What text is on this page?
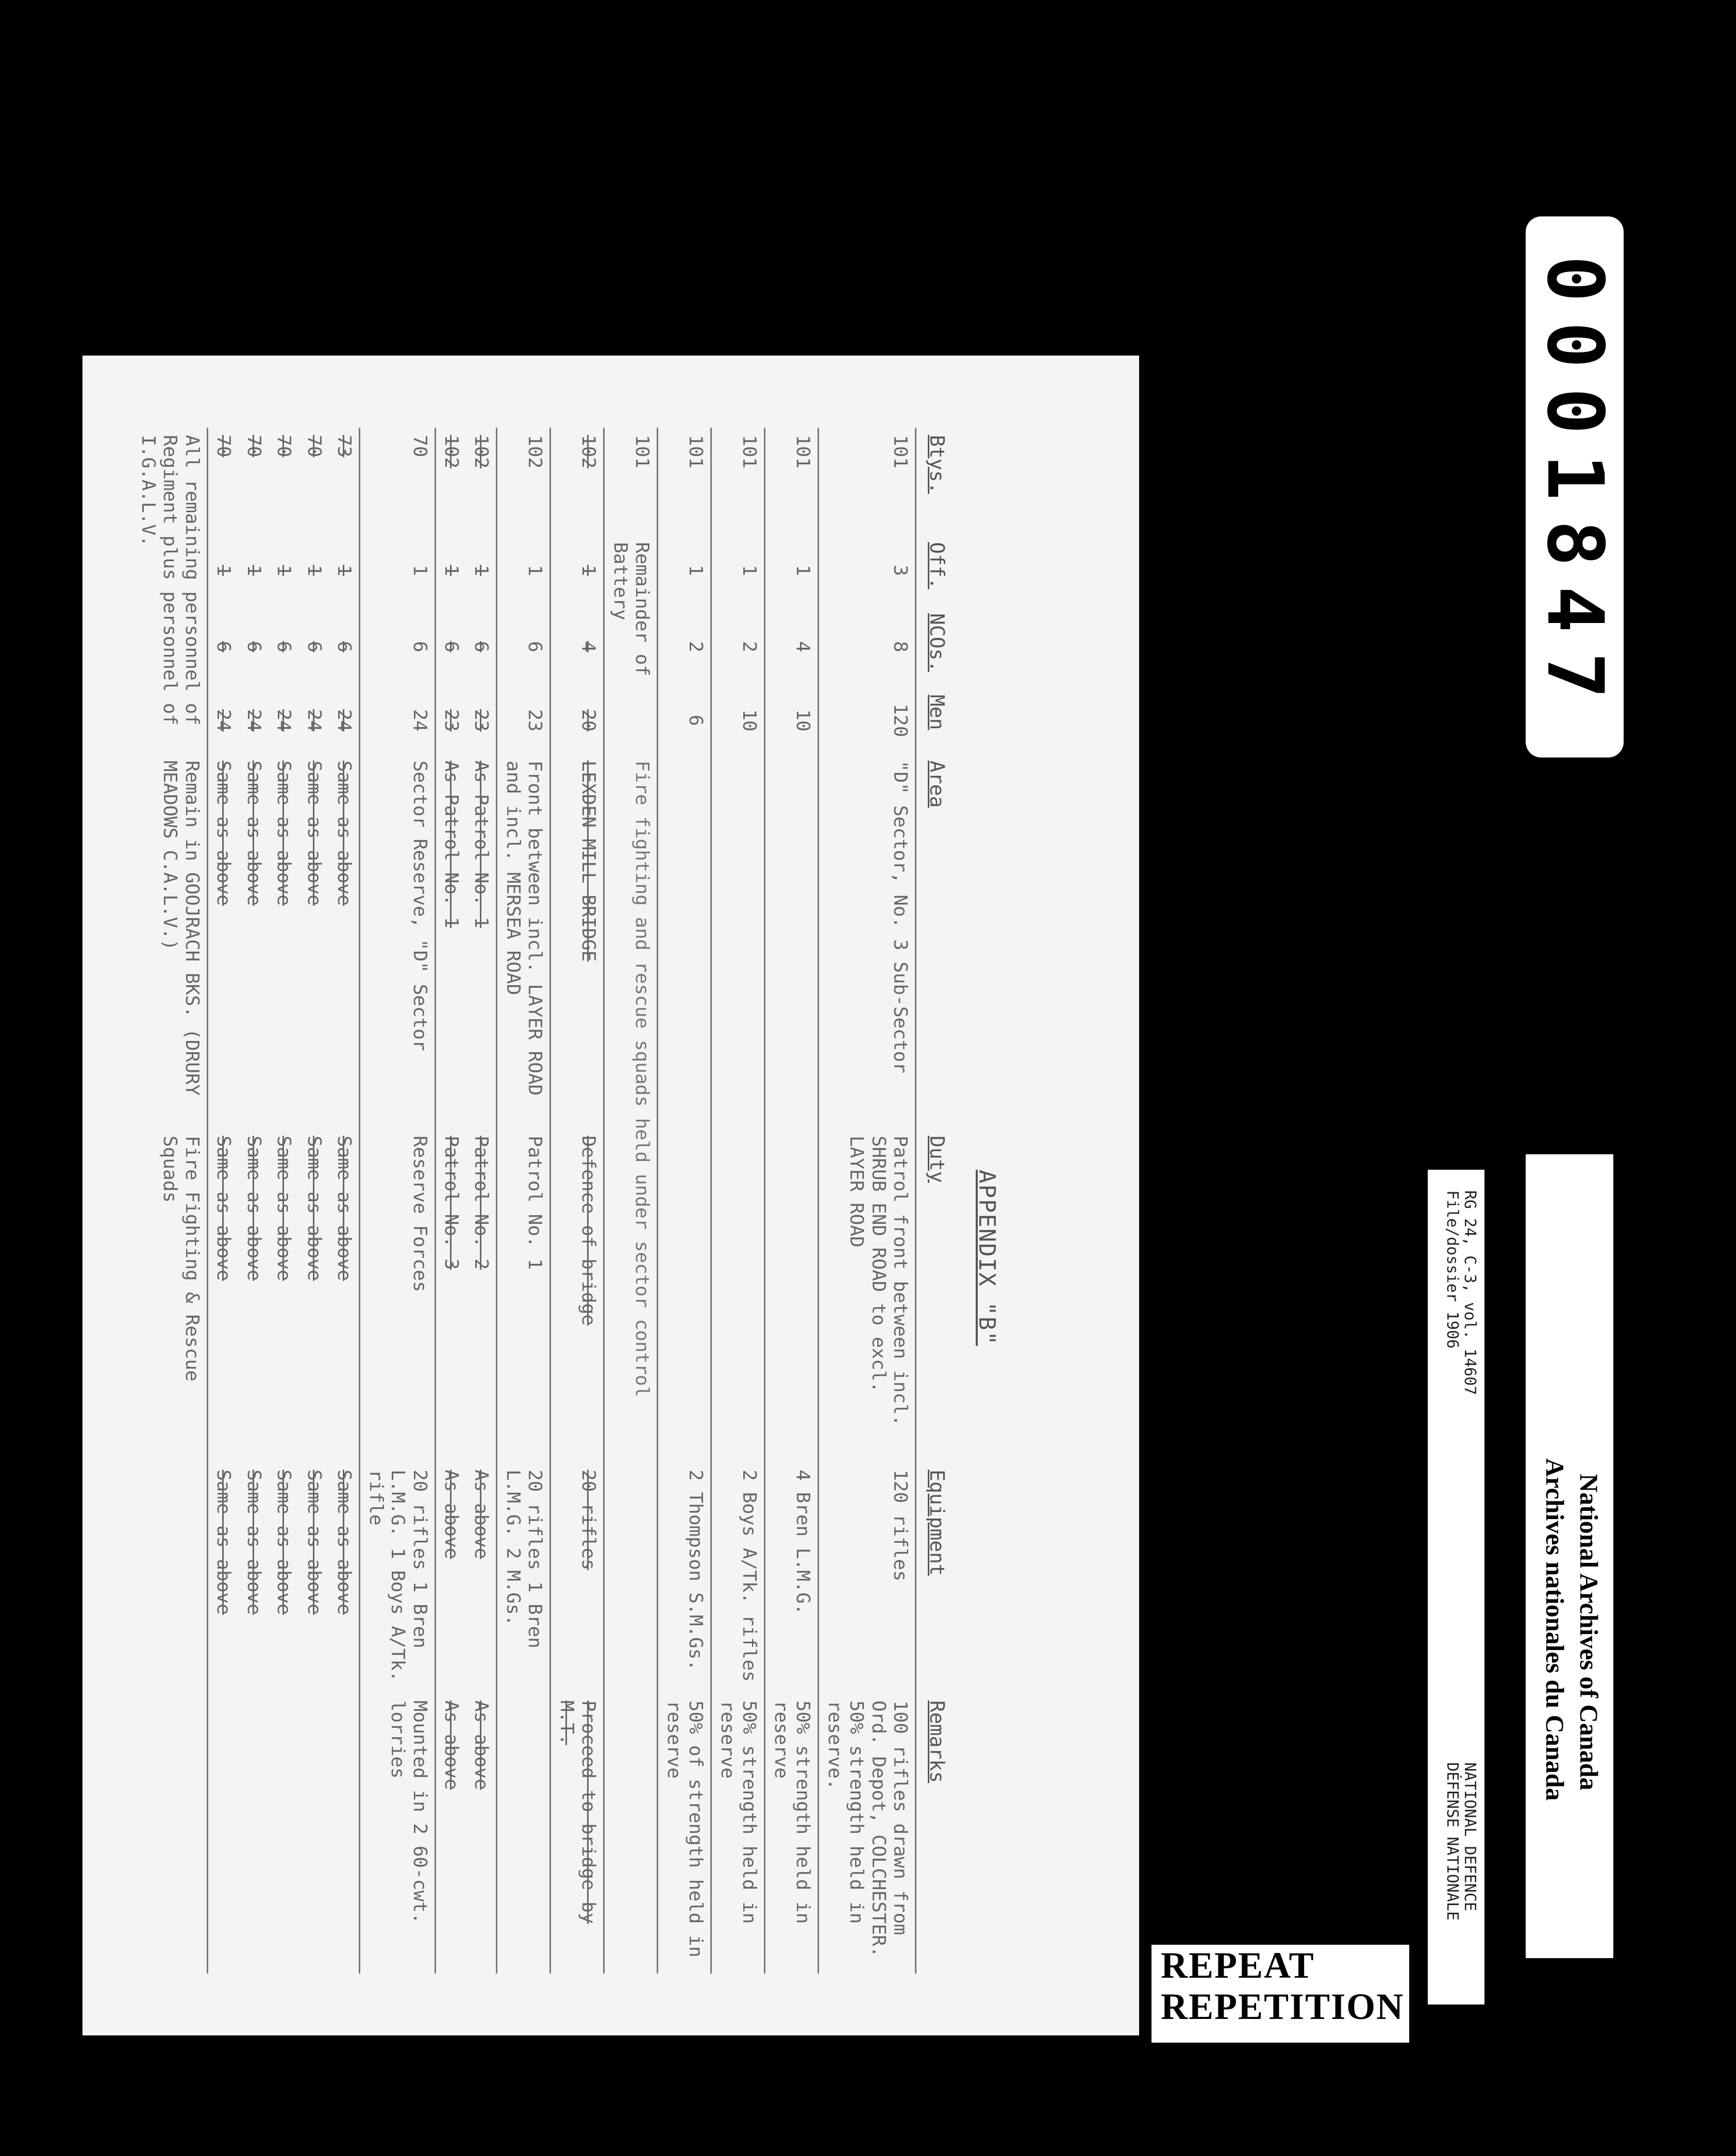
APPENDIX "B"
Btys.	Off.	NCOs.	Men	Area	Duty	Equipment	Remarks
101	3	8	120	"D" Sector, No. 3 Sub-Sector	Patrol front between incl. SHRUB END ROAD to excl. LAYER ROAD	120 rifles	100 rifles drawn from Ord. Depot, COLCHESTER. 50% strength held in reserve.
101	1	4	10			4 Bren L.M.G.	50% strength held in reserve
101	1	2	10			2 Boys A/Tk. rifles	50% strength held in reserve
101	1	2	6			2 Thompson S.M.Gs.	50% of strength held in reserve
101	Remainder of Battery			Fire fighting and rescue squads held under sector control			
102	1	4	20	LEXDEN MILL BRIDGE	Defence of bridge	20 rifles	Proceed to bridge by M.T.
102	1	6	23	Front between incl. LAYER ROAD and incl. MERSEA ROAD	Patrol No. 1	20 rifles 1 Bren L.M.G. 2 M.Gs.	
102	1	6	23	As Patrol No. 1	Patrol No. 2	As above	As above
102	1	6	23	As Patrol No. 1	Patrol No. 3	As above	As above
70	1	6	24	Sector Reserve, "D" Sector	Reserve Forces	20 rifles 1 Bren L.M.G. 1 Boys A/Tk. rifle	Mounted in 2 60-cwt. lorries
73	1	6	24	Same as above	Same as above	Same as above	
70	1	6	24	Same as above	Same as above	Same as above	
70	1	6	24	Same as above	Same as above	Same as above	
70	1	6	24	Same as above	Same as above	Same as above	
70	1	6	24	Same as above	Same as above	Same as above	
All remaining personnel of Regiment plus personnel of I.G.A.L.V.				Remain in GOOJRACH BKS. (DRURY MEADOWS C.A.L.V.)	Fire Fighting & Rescue Squads		
0001847
NATIONAL DEFENCE
DÉFENSE NATIONALE
RG 24, C-3, vol. 14607
File/dossier 1906
National Archives of Canada
Archives nationales du Canada
REPEAT
REPETITION
